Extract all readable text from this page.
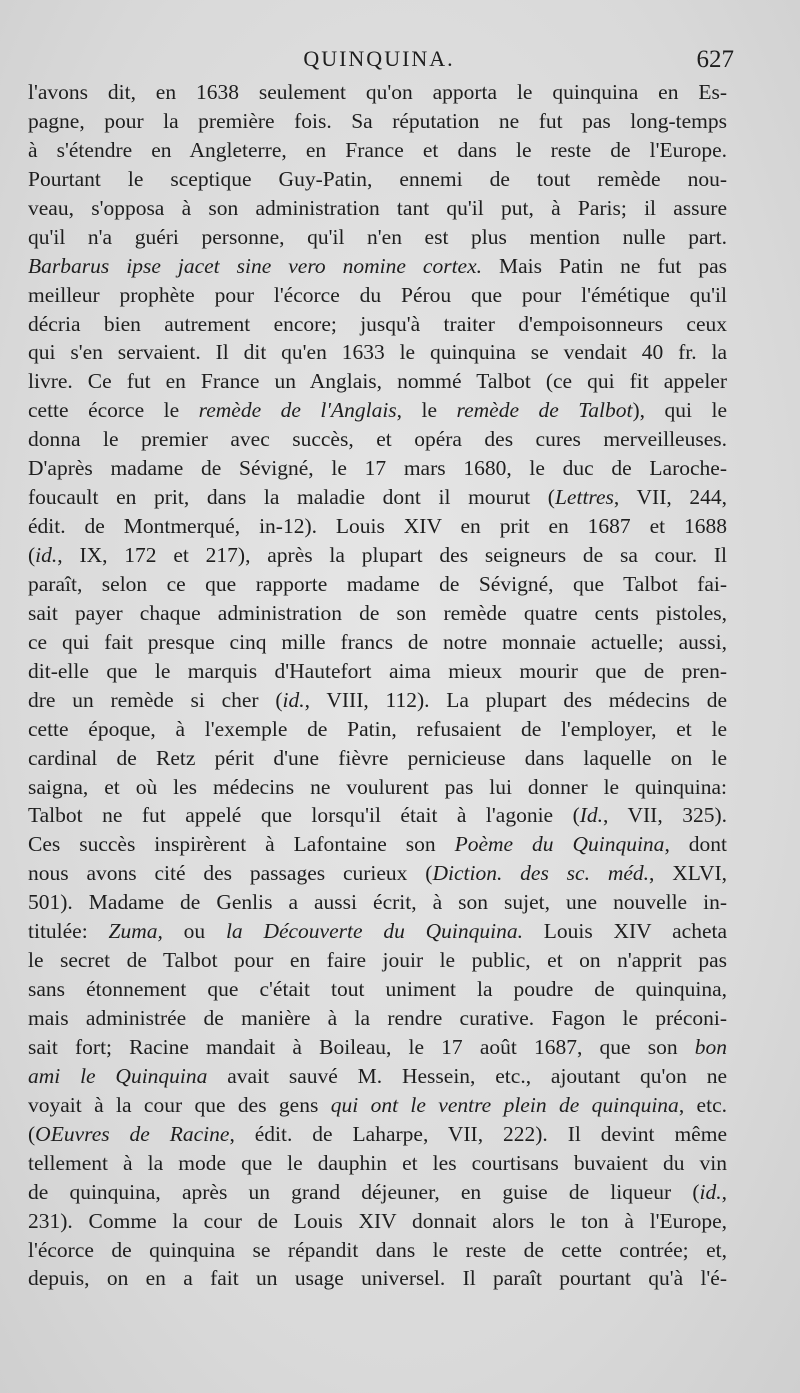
QUINQUINA.	627
l'avons dit, en 1638 seulement qu'on apporta le quinquina en Es-
pagne, pour la première fois. Sa réputation ne fut pas long-temps
à s'étendre en Angleterre, en France et dans le reste de l'Europe.
Pourtant le sceptique Guy-Patin, ennemi de tout remède nou-
veau, s'opposa à son administration tant qu'il put, à Paris; il assure
qu'il n'a guéri personne, qu'il n'en est plus mention nulle part.
Barbarus ipse jacet sine vero nomine cortex. Mais Patin ne fut pas
meilleur prophète pour l'écorce du Pérou que pour l'émétique qu'il
décria bien autrement encore; jusqu'à traiter d'empoisonneurs ceux
qui s'en servaient. Il dit qu'en 1633 le quinquina se vendait 40 fr. la
livre. Ce fut en France un Anglais, nommé Talbot (ce qui fit appeler
cette écorce le remède de l'Anglais, le remède de Talbot), qui le
donna le premier avec succès, et opéra des cures merveilleuses.
D'après madame de Sévigné, le 17 mars 1680, le duc de Laroche-
foucault en prit, dans la maladie dont il mourut (Lettres, VII, 244,
édit. de Montmerqué, in-12). Louis XIV en prit en 1687 et 1688
(id., IX, 172 et 217), après la plupart des seigneurs de sa cour. Il
paraît, selon ce que rapporte madame de Sévigné, que Talbot fai-
sait payer chaque administration de son remède quatre cents pistoles,
ce qui fait presque cinq mille francs de notre monnaie actuelle; aussi,
dit-elle que le marquis d'Hautefort aima mieux mourir que de pren-
dre un remède si cher (id., VIII, 112). La plupart des médecins de
cette époque, à l'exemple de Patin, refusaient de l'employer, et le
cardinal de Retz périt d'une fièvre pernicieuse dans laquelle on le
saigna, et où les médecins ne voulurent pas lui donner le quinquina:
Talbot ne fut appelé que lorsqu'il était à l'agonie (Id., VII, 325).
Ces succès inspirèrent à Lafontaine son Poème du Quinquina, dont
nous avons cité des passages curieux (Diction. des sc. méd., XLVI,
501). Madame de Genlis a aussi écrit, à son sujet, une nouvelle in-
titulée: Zuma, ou la Découverte du Quinquina. Louis XIV acheta
le secret de Talbot pour en faire jouir le public, et on n'apprit pas
sans étonnement que c'était tout uniment la poudre de quinquina,
mais administrée de manière à la rendre curative. Fagon le préconi-
sait fort; Racine mandait à Boileau, le 17 août 1687, que son bon
ami le Quinquina avait sauvé M. Hessein, etc., ajoutant qu'on ne
voyait à la cour que des gens qui ont le ventre plein de quinquina, etc.
(OEuvres de Racine, édit. de Laharpe, VII, 222). Il devint même
tellement à la mode que le dauphin et les courtisans buvaient du vin
de quinquina, après un grand déjeuner, en guise de liqueur (id.,
231). Comme la cour de Louis XIV donnait alors le ton à l'Europe,
l'écorce de quinquina se répandit dans le reste de cette contrée; et,
depuis, on en a fait un usage universel. Il paraît pourtant qu'à l'é-
